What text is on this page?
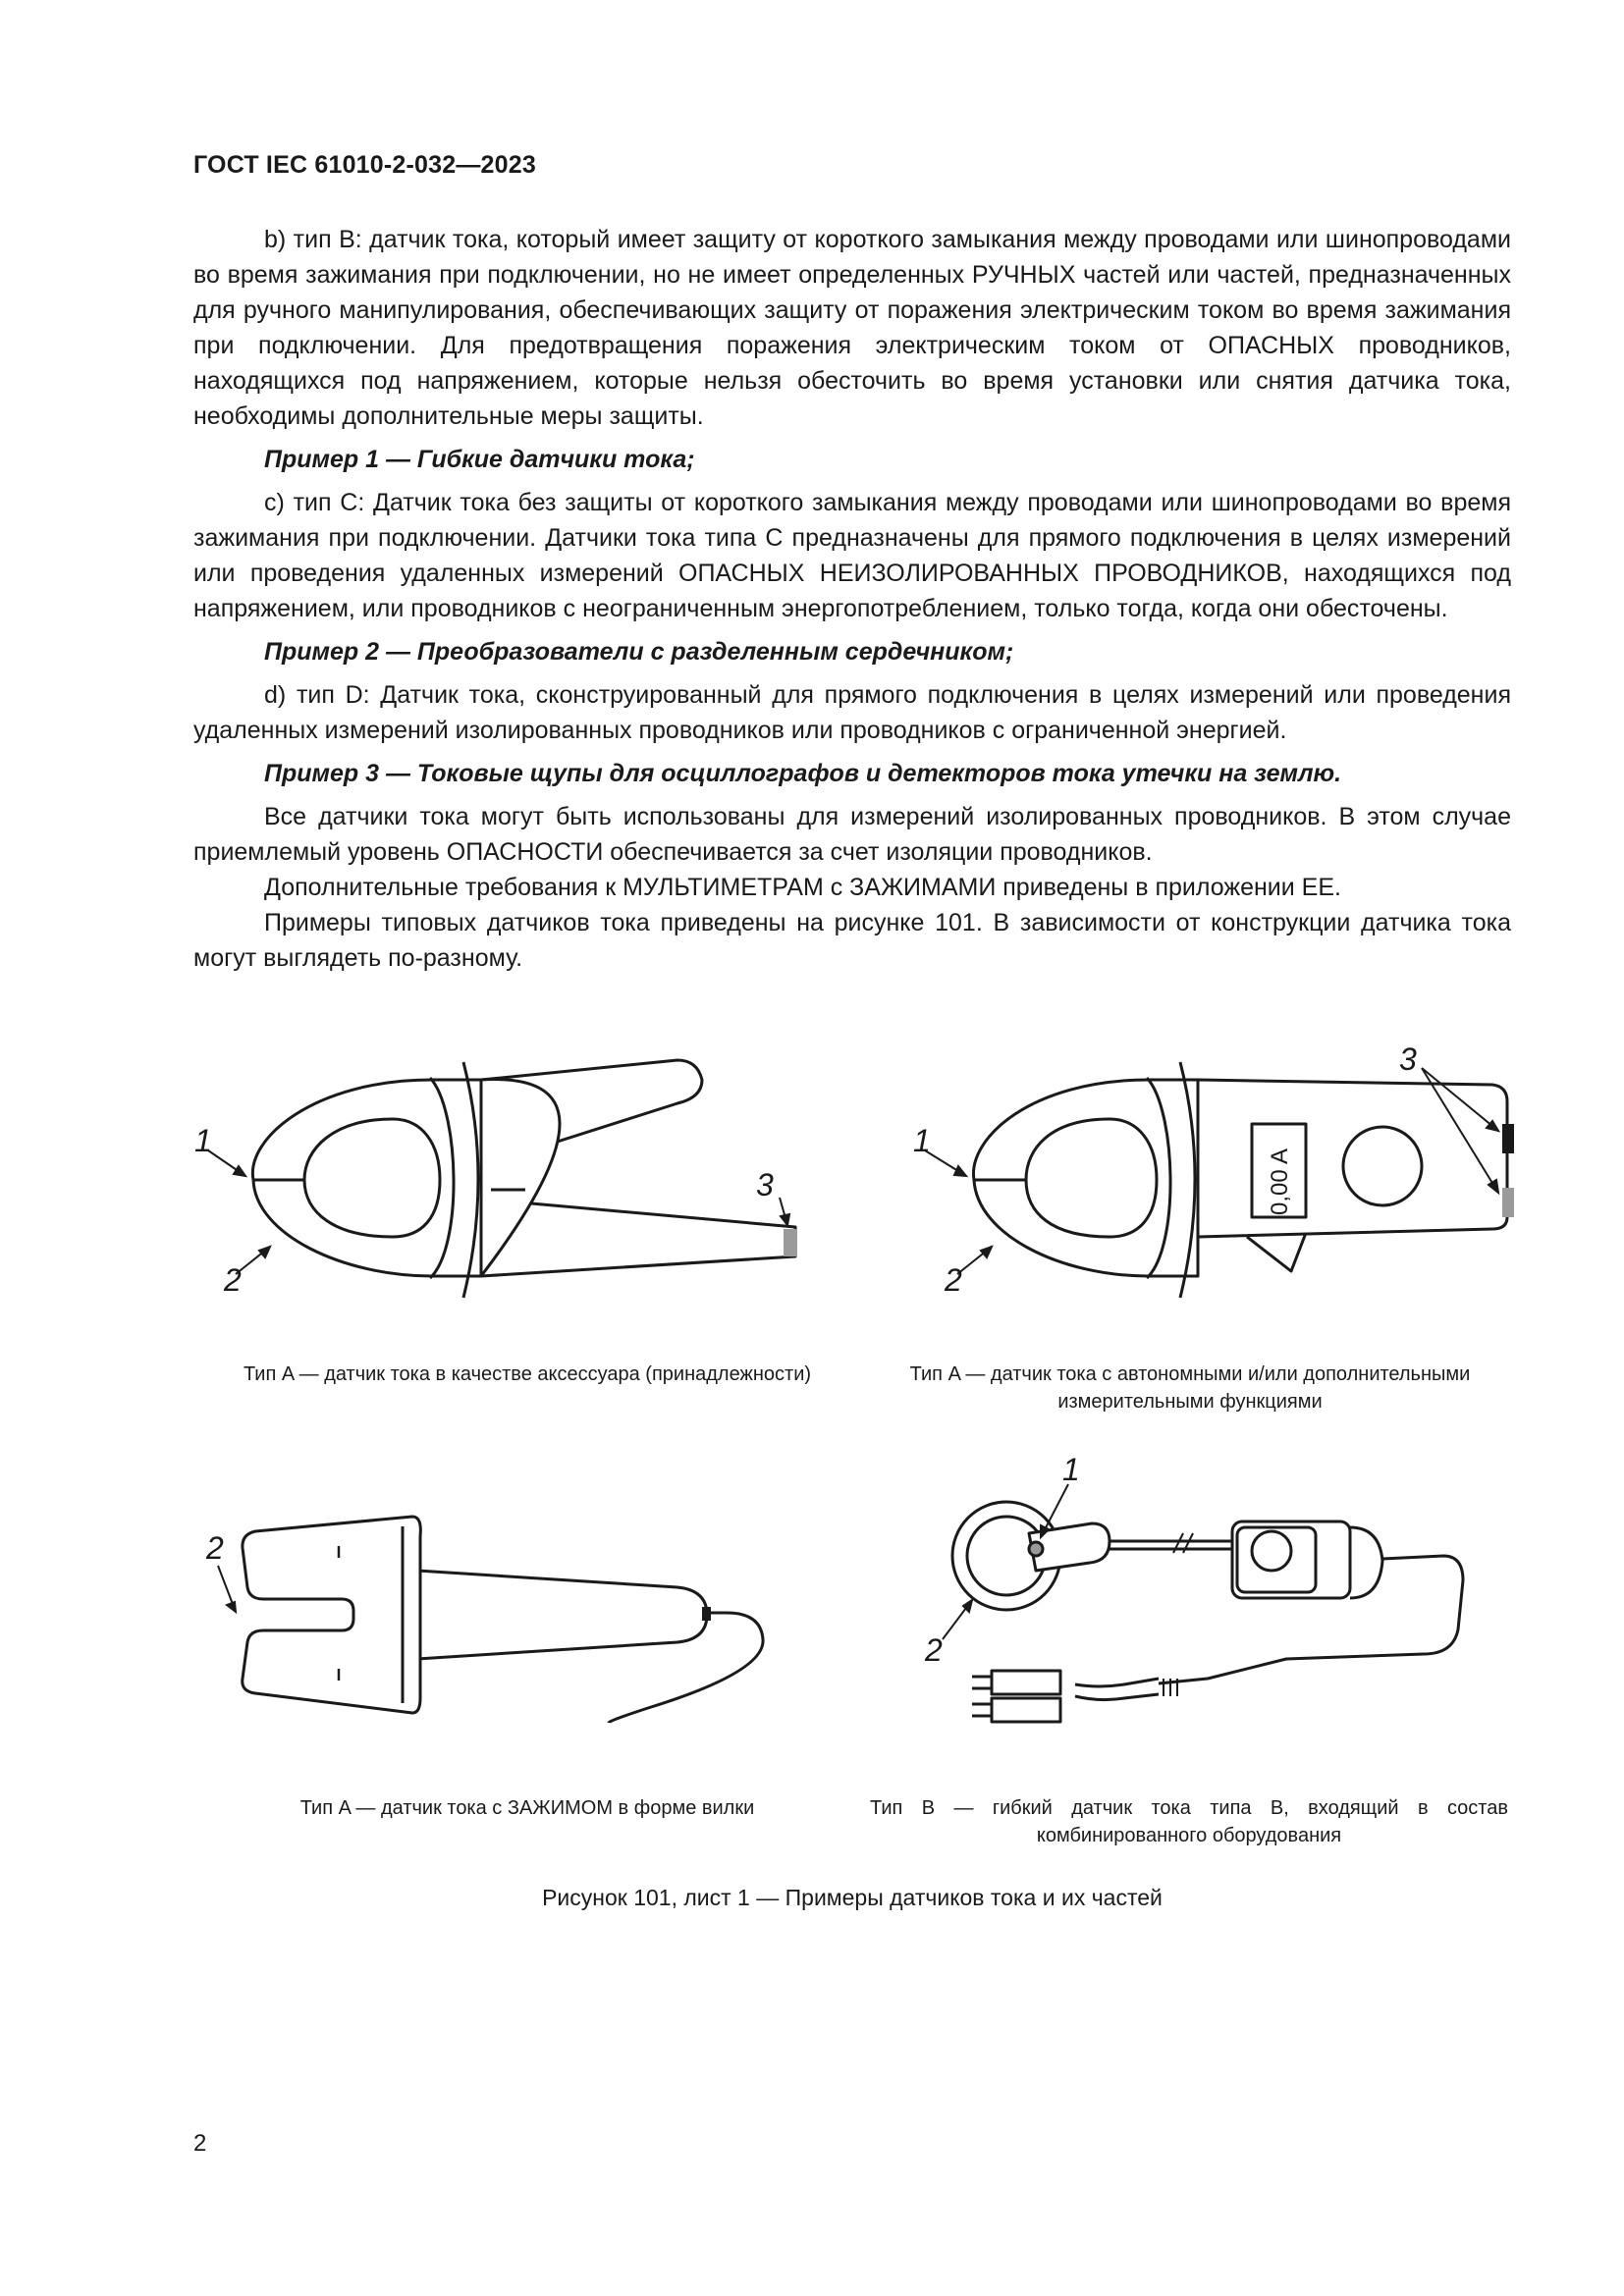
ГОСТ IEC 61010-2-032—2023

b) тип B: датчик тока, который имеет защиту от короткого замыкания между проводами или шинопроводами во время зажимания при подключении, но не имеет определенных РУЧНЫХ частей или частей, предназначенных для ручного манипулирования, обеспечивающих защиту от поражения электрическим током во время зажимания при подключении. Для предотвращения поражения электрическим током от ОПАСНЫХ проводников, находящихся под напряжением, которые нельзя обесточить во время установки или снятия датчика тока, необходимы дополнительные меры защиты.

Пример 1 — Гибкие датчики тока;

c) тип C: Датчик тока без защиты от короткого замыкания между проводами или шинопроводами во время зажимания при подключении. Датчики тока типа C предназначены для прямого подключения в целях измерений или проведения удаленных измерений ОПАСНЫХ НЕИЗОЛИРОВАННЫХ ПРОВОДНИКОВ, находящихся под напряжением, или проводников с неограниченным энергопотреблением, только тогда, когда они обесточены.

Пример 2 — Преобразователи с разделенным сердечником;

d) тип D: Датчик тока, сконструированный для прямого подключения в целях измерений или проведения удаленных измерений изолированных проводников или проводников с ограниченной энергией.

Пример 3 — Токовые щупы для осциллографов и детекторов тока утечки на землю.

Все датчики тока могут быть использованы для измерений изолированных проводников. В этом случае приемлемый уровень ОПАСНОСТИ обеспечивается за счет изоляции проводников.

Дополнительные требования к МУЛЬТИМЕТРАМ с ЗАЖИМАМИ приведены в приложении EE.

Примеры типовых датчиков тока приведены на рисунке 101. В зависимости от конструкции датчика тока могут выглядеть по-разному.

1
2
3
Тип A — датчик тока в качестве аксессуара (принадлежности)
0,00 A
1
2
3
Тип A — датчик тока с автономными и/или дополнительными измерительными функциями
2
Тип A — датчик тока с ЗАЖИМОМ в форме вилки
1
2
Тип B — гибкий датчик тока типа B, входящий в состав комбинированного оборудования
Рисунок 101, лист 1 — Примеры датчиков тока и их частей
2
